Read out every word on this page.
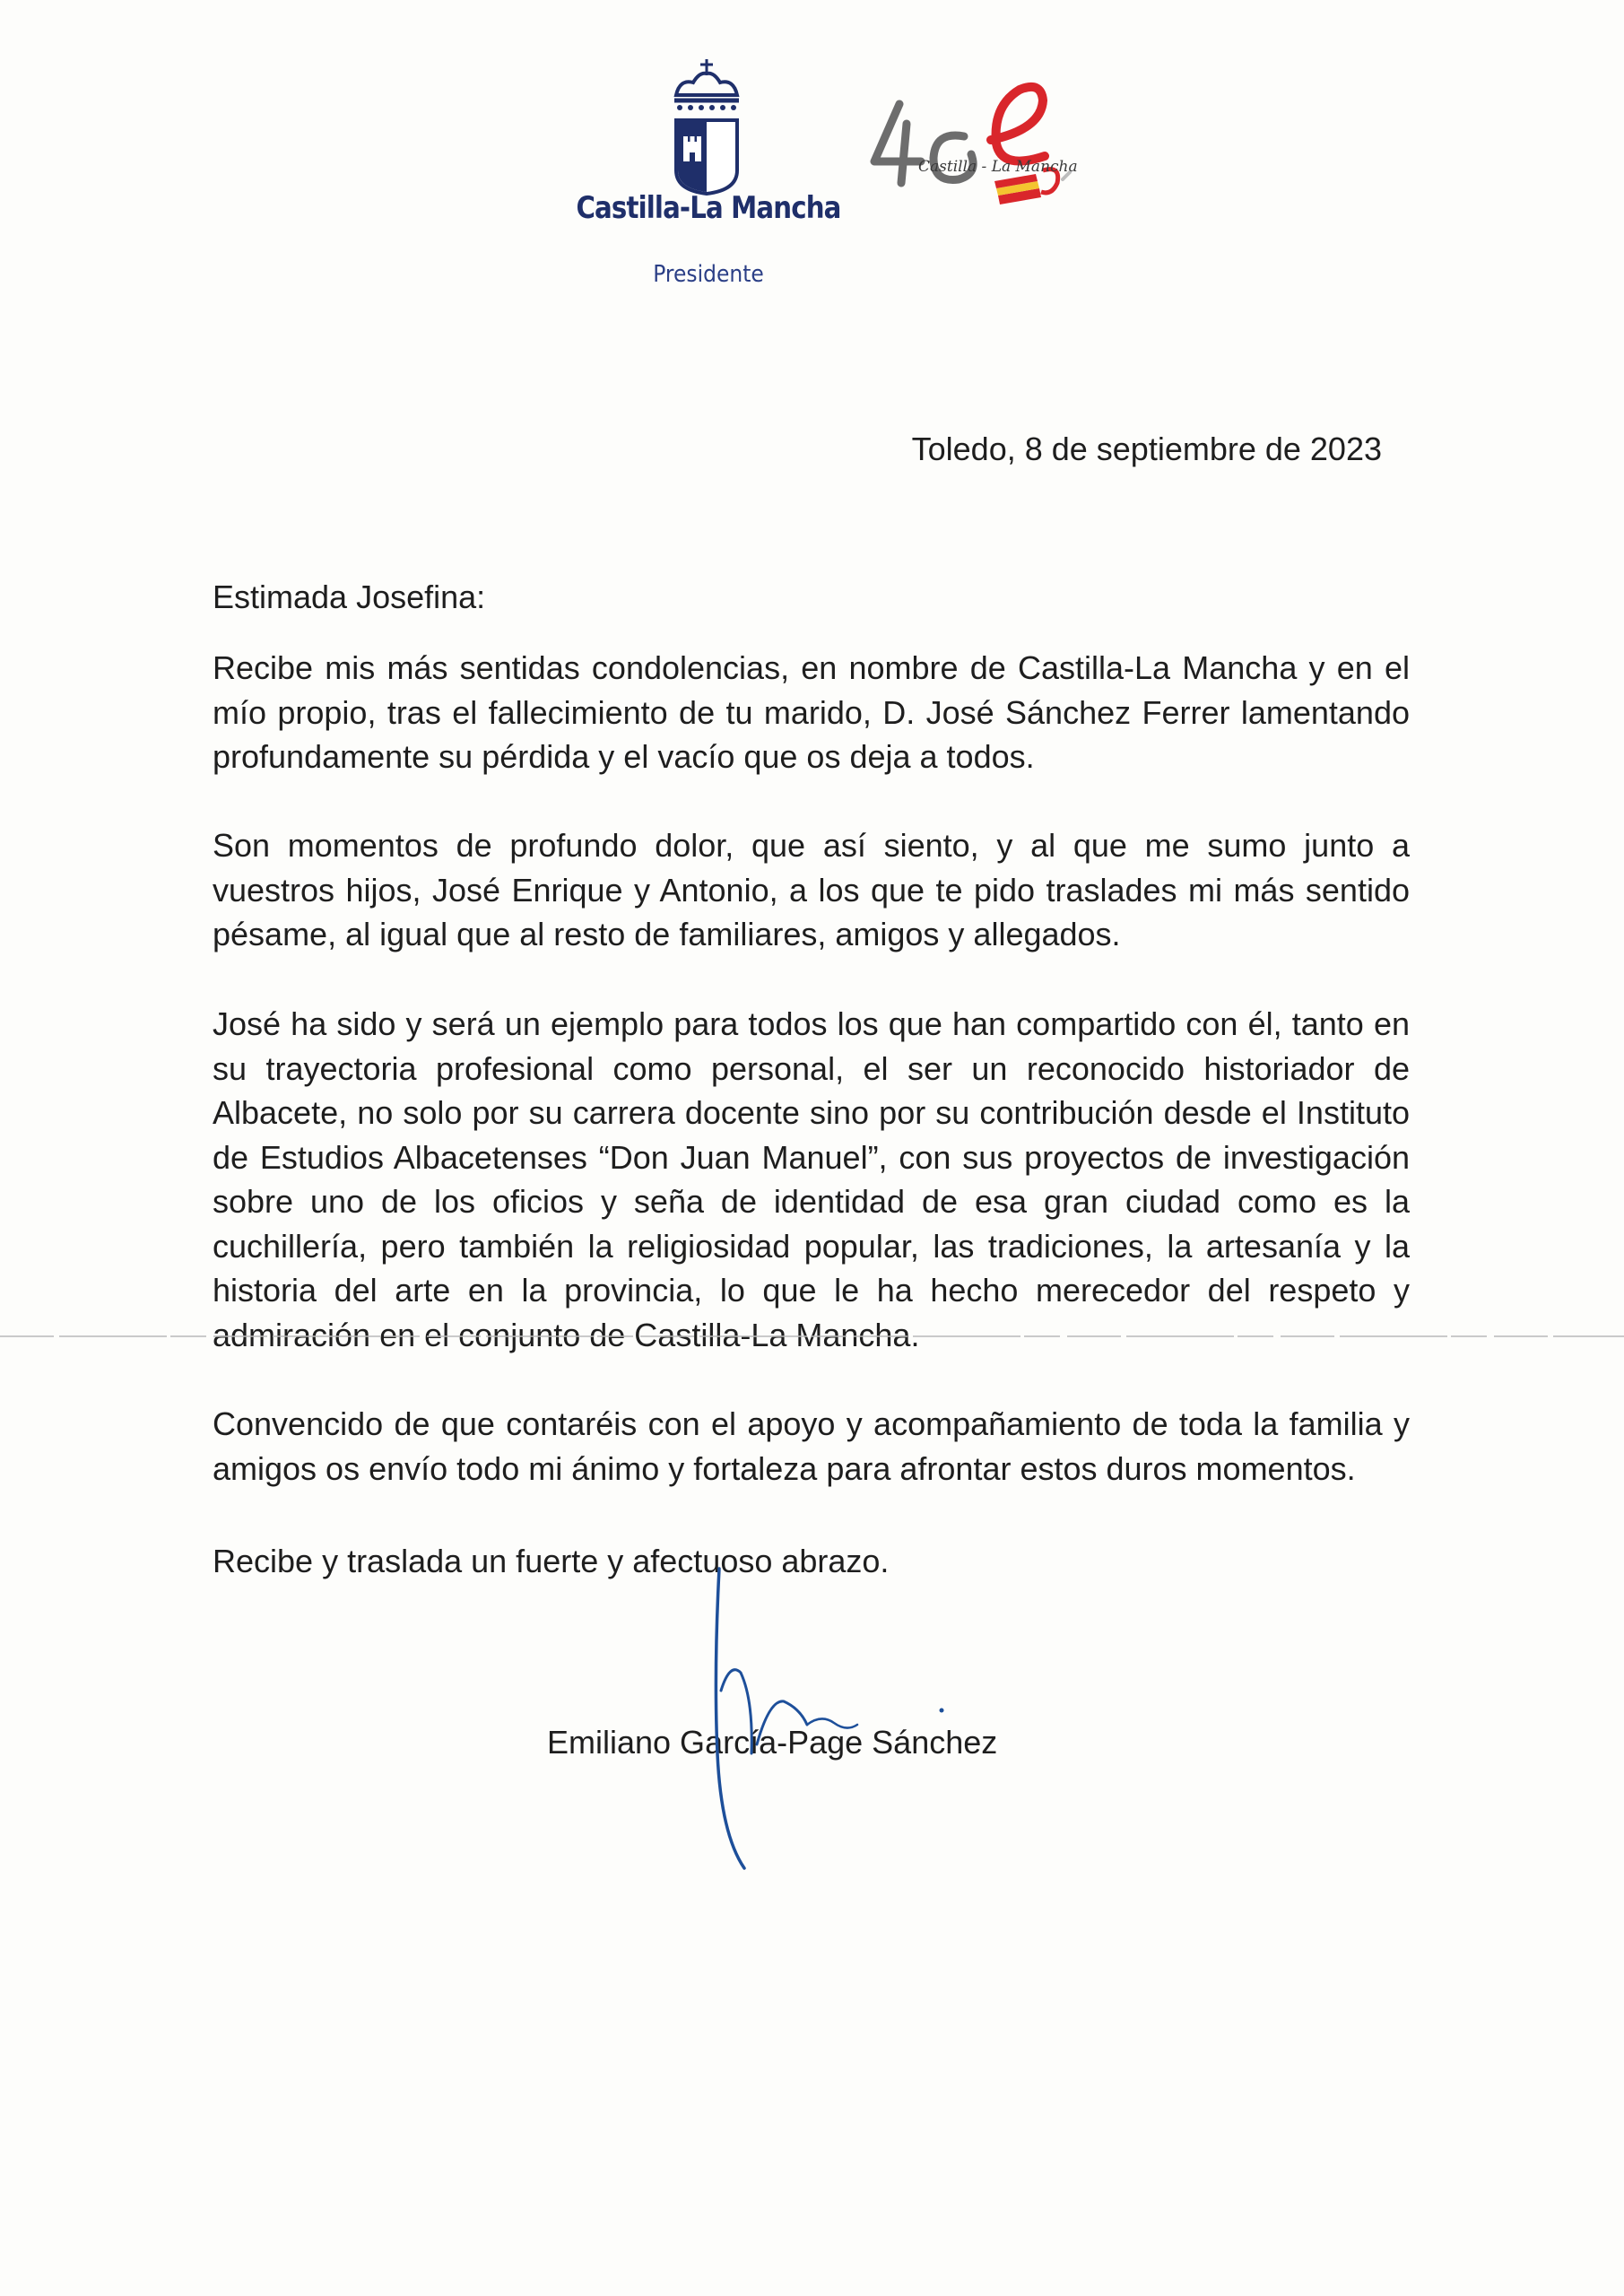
Castilla-La Mancha
Presidente
Castilla - La Mancha
Toledo, 8 de septiembre de 2023
Estimada Josefina:
Recibe mis más sentidas condolencias, en nombre de Castilla-La Mancha y en el mío propio, tras el fallecimiento de tu marido, D. José Sánchez Ferrer lamentando profundamente su pérdida y el vacío que os deja a todos.
Son momentos de profundo dolor, que así siento, y al que me sumo junto a vuestros hijos, José Enrique y Antonio, a los que te pido traslades mi más sentido pésame, al igual que al resto de familiares, amigos y allegados.
José ha sido y será un ejemplo para todos los que han compartido con él, tanto en su trayectoria profesional como personal, el ser un reconocido historiador de Albacete, no solo por su carrera docente sino por su contribución desde el Instituto de Estudios Albacetenses “Don Juan Manuel”, con sus proyectos de investigación sobre uno de los oficios y seña de identidad de esa gran ciudad como es la cuchillería, pero también la religiosidad popular, las tradiciones, la artesanía y la historia del arte en la provincia, lo que le ha hecho merecedor del respeto y admiración en el conjunto de Castilla-La Mancha.
Convencido de que contaréis con el apoyo y acompañamiento de toda la familia y amigos os envío todo mi ánimo y fortaleza para afrontar estos duros momentos.
Recibe y traslada un fuerte y afectuoso abrazo.
Emiliano García-Page Sánchez
